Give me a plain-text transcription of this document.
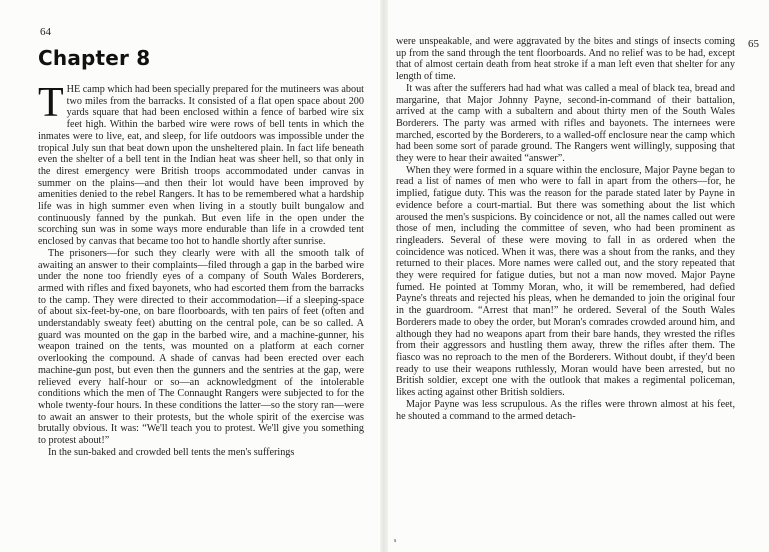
64
Chapter 8

THE camp which had been specially prepared for the mutineers was about two miles from the barracks. It consisted of a flat open space about 200 yards square that had been enclosed within a fence of barbed wire six feet high. Within the barbed wire were rows of bell tents in which the inmates were to live, eat, and sleep, for life outdoors was impossible under the tropical July sun that beat down upon the unsheltered plain. In fact life beneath even the shelter of a bell tent in the Indian heat was sheer hell, so that only in the direst emergency were British troops accommodated under canvas in summer on the plains—and then their lot would have been improved by amenities denied to the rebel Rangers. It has to be remembered what a hardship life was in high summer even when living in a stoutly built bungalow and continuously fanned by the punkah. But even life in the open under the scorching sun was in some ways more endurable than life in a crowded tent enclosed by canvas that became too hot to handle shortly after sunrise.

The prisoners—for such they clearly were with all the smooth talk of awaiting an answer to their complaints—filed through a gap in the barbed wire under the none too friendly eyes of a company of South Wales Borderers, armed with rifles and fixed bayonets, who had escorted them from the barracks to the camp. They were directed to their accommodation—if a sleeping-space of about six-feet-by-one, on bare floorboards, with ten pairs of feet (often and understandably sweaty feet) abutting on the central pole, can be so called. A guard was mounted on the gap in the barbed wire, and a machine-gunner, his weapon trained on the tents, was mounted on a platform at each corner overlooking the compound. A shade of canvas had been erected over each machine-gun post, but even then the gunners and the sentries at the gap, were relieved every half-hour or so—an acknowledgment of the intolerable conditions which the men of The Connaught Rangers were subjected to for the whole twenty-four hours. In these conditions the latter—so the story ran—were to await an answer to their protests, but the whole spirit of the exercise was brutally obvious. It was: “We'll teach you to protest. We'll give you something to protest about!”

In the sun-baked and crowded bell tents the men's sufferings

65

were unspeakable, and were aggravated by the bites and stings of insects coming up from the sand through the tent floorboards. And no relief was to be had, except that of almost certain death from heat stroke if a man left even that shelter for any length of time.

It was after the sufferers had had what was called a meal of black tea, bread and margarine, that Major Johnny Payne, second-in-command of their battalion, arrived at the camp with a subaltern and about thirty men of the South Wales Borderers. The party was armed with rifles and bayonets. The internees were marched, escorted by the Borderers, to a walled-off enclosure near the camp which had been some sort of parade ground. The Rangers went willingly, supposing that they were to hear their awaited “answer”.

When they were formed in a square within the enclosure, Major Payne began to read a list of names of men who were to fall in apart from the others—for, he implied, fatigue duty. This was the reason for the parade stated later by Payne in evidence before a court-martial. But there was something about the list which aroused the men's suspicions. By coincidence or not, all the names called out were those of men, including the committee of seven, who had been prominent as ringleaders. Several of these were moving to fall in as ordered when the coincidence was noticed. When it was, there was a shout from the ranks, and they returned to their places. More names were called out, and the story repeated that they were required for fatigue duties, but not a man now moved. Major Payne fumed. He pointed at Tommy Moran, who, it will be remembered, had defied Payne's threats and rejected his pleas, when he demanded to join the original four in the guardroom. “Arrest that man!” he ordered. Several of the South Wales Borderers made to obey the order, but Moran's comrades crowded around him, and although they had no weapons apart from their bare hands, they wrested the rifles from their aggressors and hustling them away, threw the rifles after them. The fiasco was no reproach to the men of the Borderers. Without doubt, if they'd been ready to use their weapons ruthlessly, Moran would have been arrested, but no British soldier, except one with the outlook that makes a regimental policeman, likes acting against other British soldiers.

Major Payne was less scrupulous. As the rifles were thrown almost at his feet, he shouted a command to the armed detach-

s
